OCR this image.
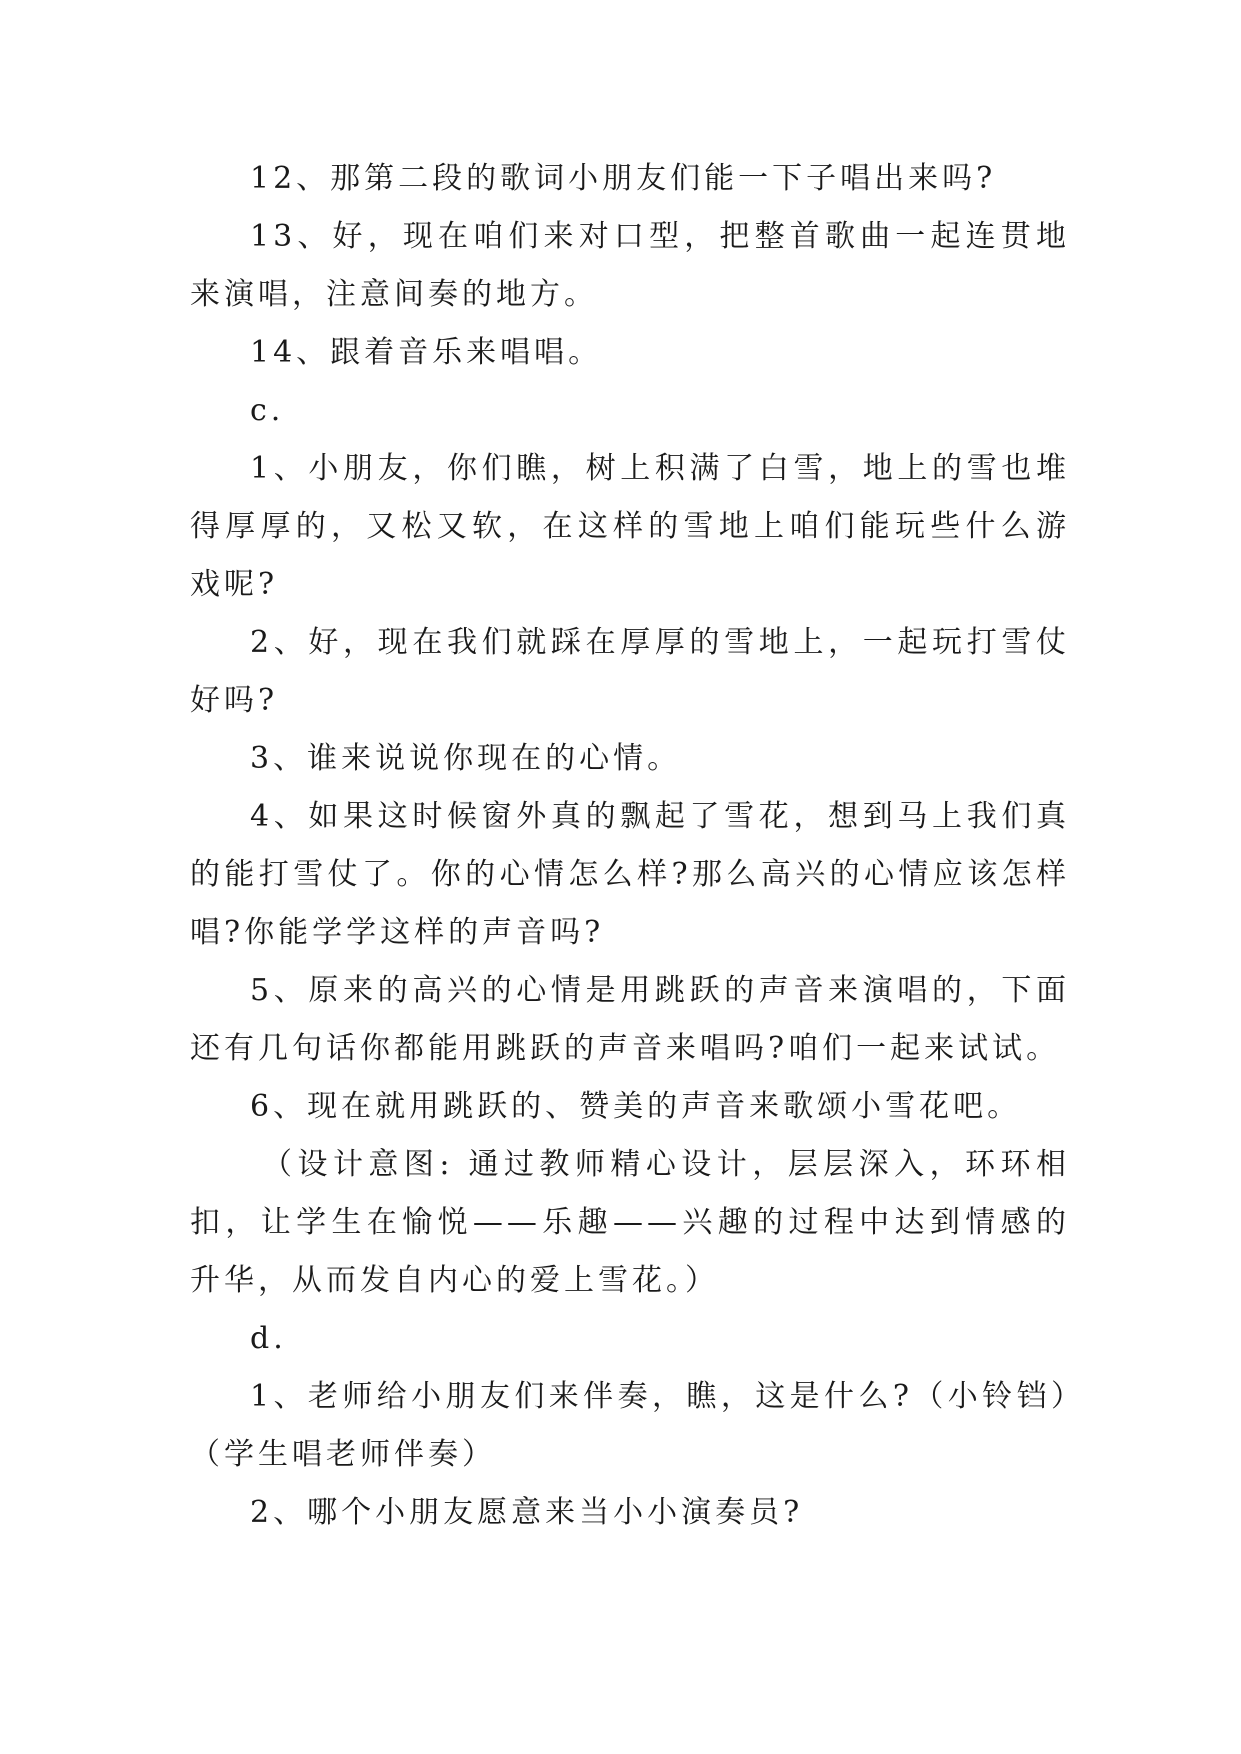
12、那第二段的歌词小朋友们能一下子唱出来吗?

13、好，现在咱们来对口型，把整首歌曲一起连贯地来演唱，注意间奏的地方。

14、跟着音乐来唱唱。

c.

1、小朋友，你们瞧，树上积满了白雪，地上的雪也堆得厚厚的，又松又软，在这样的雪地上咱们能玩些什么游戏呢?

2、好，现在我们就踩在厚厚的雪地上，一起玩打雪仗好吗?

3、谁来说说你现在的心情。

4、如果这时候窗外真的飘起了雪花，想到马上我们真的能打雪仗了。你的心情怎么样?那么高兴的心情应该怎样唱?你能学学这样的声音吗?

5、原来的高兴的心情是用跳跃的声音来演唱的，下面还有几句话你都能用跳跃的声音来唱吗?咱们一起来试试。

6、现在就用跳跃的、赞美的声音来歌颂小雪花吧。

（设计意图: 通过教师精心设计，层层深入，环环相扣，让学生在愉悦——乐趣——兴趣的过程中达到情感的升华，从而发自内心的爱上雪花。）

d.

1、老师给小朋友们来伴奏，瞧，这是什么?（小铃铛）（学生唱老师伴奏）

2、哪个小朋友愿意来当小小演奏员?
